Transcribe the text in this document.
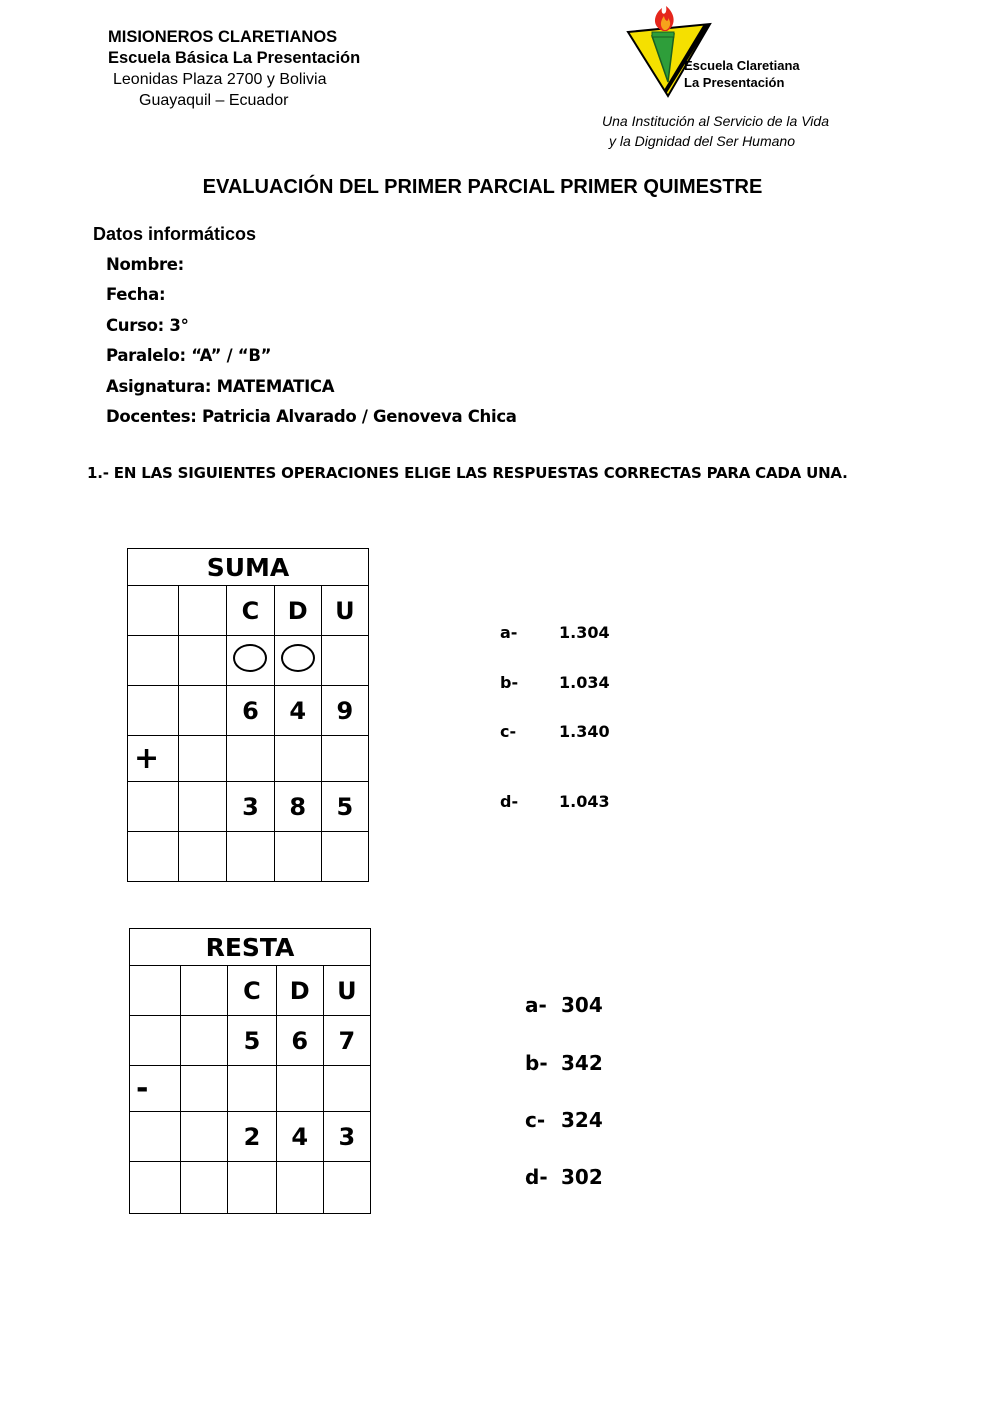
MISIONEROS CLARETIANOS
Escuela Básica La Presentación
Leonidas Plaza 2700 y Bolivia
Guayaquil – Ecuador
Escuela Claretiana
La Presentación
Una Institución al Servicio de la Vida
y la Dignidad del Ser Humano
EVALUACIÓN DEL PRIMER PARCIAL PRIMER QUIMESTRE
Datos informáticos
Nombre:
Fecha:
Curso: 3°
Paralelo: “A” / “B”
Asignatura: MATEMATICA
Docentes: Patricia Alvarado / Genoveva Chica
1.- EN LAS SIGUIENTES OPERACIONES ELIGE LAS RESPUESTAS CORRECTAS PARA CADA UNA.
SUMA				
		C	D	U

		6	4	9
+				
		3	8	5

a-	1.304
b-	1.034
c-	1.340
d-	1.043
RESTA				
		C	D	U
		5	6	7
-				
		2	4	3

a- 304
b- 342
c- 324
d- 302
